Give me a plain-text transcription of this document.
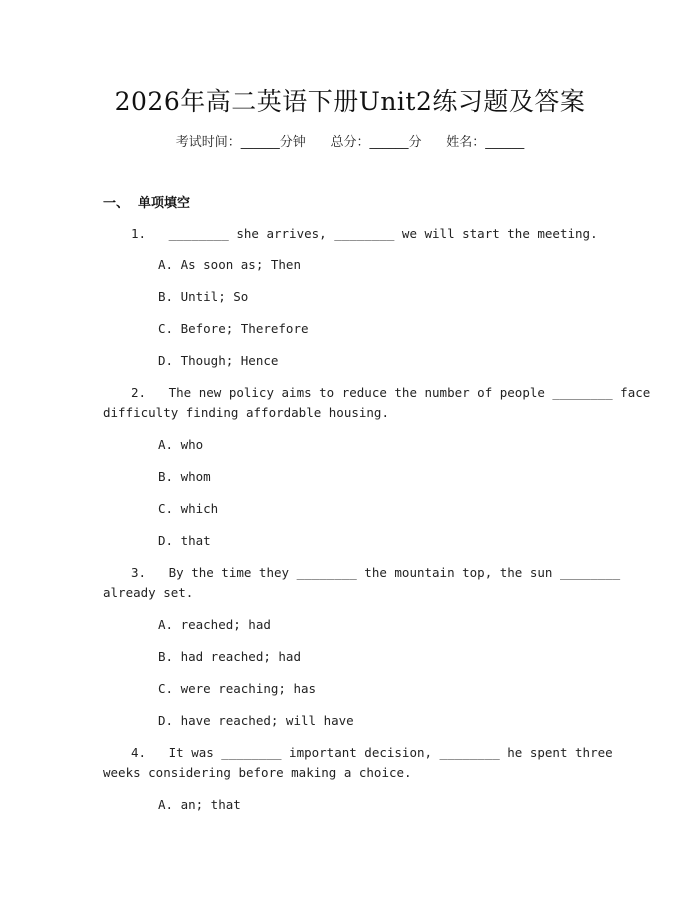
2026年高二英语下册Unit2练习题及答案
考试时间：______分钟      总分：______分      姓名：______
一、  单项填空
1.   ________ she arrives, ________ we will start the meeting.
A. As soon as; Then
B. Until; So
C. Before; Therefore
D. Though; Hence
2.   The new policy aims to reduce the number of people ________ face
difficulty finding affordable housing.
A. who
B. whom
C. which
D. that
3.   By the time they ________ the mountain top, the sun ________
already set.
A. reached; had
B. had reached; had
C. were reaching; has
D. have reached; will have
4.   It was ________ important decision, ________ he spent three
weeks considering before making a choice.
A. an; that
